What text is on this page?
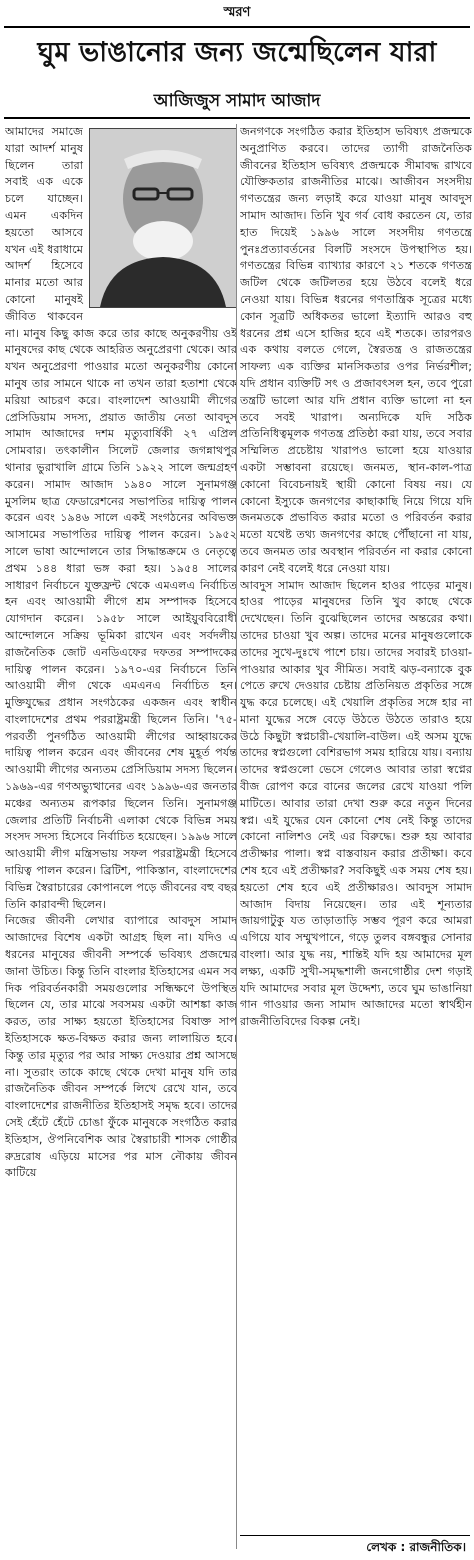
স্মরণ
ঘুম ভাঙানোর জন্য জন্মেছিলেন যারা
আজিজুস সামাদ আজাদ

আমাদের সমাজে যারা আদর্শ মানুষ ছিলেন তারা সবাই এক একে চলে যাচ্ছেন। এমন একদিন হয়তো আসবে যখন এই ধরাধামে আদর্শ হিসেবে মানার মতো আর কোনো মানুষই জীবিত থাকবেন না। মানুষ কিছু কাজ করে তার কাছে অনুকরণীয় ওই মানুষদের কাছ থেকে আহরিত অনুপ্রেরণা থেকে। আর যখন অনুপ্রেরণা পাওয়ার মতো অনুকরণীয় কোনো মানুষ তার সামনে থাকে না তখন তারা হতাশা থেকে মরিয়া আচরণ করে। বাংলাদেশ আওয়ামী লীগের প্রেসিডিয়াম সদস্য, প্রয়াত জাতীয় নেতা আবদুস সামাদ আজাদের দশম মৃত্যুবার্ষিকী ২৭ এপ্রিল সোমবার। তৎকালীন সিলেট জেলার জগন্নাথপুর থানার ভুরাখালি গ্রামে তিনি ১৯২২ সালে জন্মগ্রহণ করেন। সামাদ আজাদ ১৯৪০ সালে সুনামগঞ্জ মুসলিম ছাত্র ফেডারেশনের সভাপতির দায়িত্ব পালন করেন এবং ১৯৪৬ সালে একই সংগঠনের অবিভক্ত আসামের সভাপতির দায়িত্ব পালন করেন। ১৯৫২ সালে ভাষা আন্দোলনে তার সিদ্ধান্তক্রমে ও নেতৃত্বে প্রথম ১৪৪ ধারা ভঙ্গ করা হয়। ১৯৫৪ সালের সাধারণ নির্বাচনে যুক্তফ্রন্ট থেকে এমএলএ নির্বাচিত হন এবং আওয়ামী লীগে শ্রম সম্পাদক হিসেবে যোগদান করেন। ১৯৫৮ সালে আইয়ুববিরোধী আন্দোলনে সক্রিয় ভূমিকা রাখেন এবং সর্বদলীয় রাজনৈতিক জোট এনডিএফের দফতর সম্পাদকের দায়িত্ব পালন করেন। ১৯৭০-এর নির্বাচনে তিনি আওয়ামী লীগ থেকে এমএনএ নির্বাচিত হন। মুক্তিযুদ্ধের প্রধান সংগঠকের একজন এবং স্বাধীন বাংলাদেশের প্রথম পররাষ্ট্রমন্ত্রী ছিলেন তিনি। '৭৫-পরবর্তী পুনর্গঠিত আওয়ামী লীগের আহ্বায়কের দায়িত্ব পালন করেন এবং জীবনের শেষ মুহূর্ত পর্যন্ত আওয়ামী লীগের অন্যতম প্রেসিডিয়াম সদস্য ছিলেন। ১৯৬৯-এর গণঅভ্যুত্থানের এবং ১৯৯৬-এর জনতার মঞ্চের অন্যতম রূপকার ছিলেন তিনি। সুনামগঞ্জ জেলার প্রতিটি নির্বাচনী এলাকা থেকে বিভিন্ন সময় সংসদ সদস্য হিসেবে নির্বাচিত হয়েছেন। ১৯৯৬ সালে আওয়ামী লীগ মন্ত্রিসভায় সফল পররাষ্ট্রমন্ত্রী হিসেবে দায়িত্ব পালন করেন। ব্রিটিশ, পাকিস্তান, বাংলাদেশের বিভিন্ন স্বৈরাচারের কোপানলে পড়ে জীবনের বহু বছর তিনি কারাবন্দী ছিলেন।

নিজের জীবনী লেখার ব্যাপারে আবদুস সামাদ আজাদের বিশেষ একটা আগ্রহ ছিল না। যদিও এ ধরনের মানুষের জীবনী সম্পর্কে ভবিষ্যৎ প্রজন্মের জানা উচিত। কিন্তু তিনি বাংলার ইতিহাসের এমন সব দিক পরিবর্তনকারী সময়গুলোর সন্ধিক্ষণে উপস্থিত ছিলেন যে, তার মাঝে সবসময় একটা আশঙ্কা কাজ করত, তার সাক্ষ্য হয়তো ইতিহাসের বিষাক্ত সাপ ইতিহাসকে ক্ষত-বিক্ষত করার জন্য লালায়িত হবে। কিন্তু তার মৃত্যুর পর আর সাক্ষ্য দেওয়ার প্রশ্ন আসছে না। সুতরাং তাকে কাছে থেকে দেখা মানুষ যদি তার রাজনৈতিক জীবন সম্পর্কে লিখে রেখে যান, তবে বাংলাদেশের রাজনীতির ইতিহাসই সমৃদ্ধ হবে। তাদের সেই হেঁটে হেঁটে চোঙা ফুঁকে মানুষকে সংগঠিত করার ইতিহাস, ঔপনিবেশিক আর স্বৈরাচারী শাসক গোষ্ঠীর রুদ্ররোষ এড়িয়ে মাসের পর মাস নৌকায় জীবন কাটিয়ে

জনগণকে সংগঠিত করার ইতিহাস ভবিষ্যৎ প্রজন্মকে অনুপ্রাণিত করবে। তাদের ত্যাগী রাজনৈতিক জীবনের ইতিহাস ভবিষ্যৎ প্রজন্মকে সীমাবদ্ধ রাখবে যৌক্তিকতার রাজনীতির মাঝে। আজীবন সংসদীয় গণতন্ত্রের জন্য লড়াই করে যাওয়া মানুষ আবদুস সামাদ আজাদ। তিনি খুব গর্ব বোধ করতেন যে, তার হাত দিয়েই ১৯৯৬ সালে সংসদীয় গণতন্ত্রে পুনঃপ্রত্যাবর্তনের বিলটি সংসদে উপস্থাপিত হয়। গণতন্ত্রের বিভিন্ন ব্যাখ্যার কারণে ২১ শতকে গণতন্ত্র জটিল থেকে জটিলতর হয়ে উঠবে বলেই ধরে নেওয়া যায়। বিভিন্ন ধরনের গণতান্ত্রিক সূত্রের মধ্যে কোন সূত্রটি অধিকতর ভালো ইত্যাদি আরও বহু ধরনের প্রশ্ন এসে হাজির হবে এই শতকে। তারপরও এক কথায় বলতে গেলে, স্বৈরতন্ত্র ও রাজতন্ত্রের সাফল্য এক ব্যক্তির মানসিকতার ওপর নির্ভরশীল; যদি প্রধান ব্যক্তিটি সৎ ও প্রজাবৎসল হন, তবে পুরো তন্ত্রটি ভালো আর যদি প্রধান ব্যক্তি ভালো না হন তবে সবই খারাপ। অন্যদিকে যদি সঠিক প্রতিনিধিত্বমূলক গণতন্ত্র প্রতিষ্ঠা করা যায়, তবে সবার সম্মিলিত প্রচেষ্টায় খারাপও ভালো হয়ে যাওয়ার একটা সম্ভাবনা রয়েছে। জনমত, স্থান-কাল-পাত্র কোনো বিবেচনায়ই স্থায়ী কোনো বিষয় নয়। যে কোনো ইস্যুকে জনগণের কাছাকাছি নিয়ে গিয়ে যদি জনমতকে প্রভাবিত করার মতো ও পরিবর্তন করার মতো যথেষ্ট তথ্য জনগণের কাছে পৌঁছানো না যায়, তবে জনমত তার অবস্থান পরিবর্তন না করার কোনো কারণ নেই বলেই ধরে নেওয়া যায়।

আবদুস সামাদ আজাদ ছিলেন হাওর পাড়ের মানুষ। হাওর পাড়ের মানুষদের তিনি খুব কাছে থেকে দেখেছেন। তিনি বুঝেছিলেন তাদের অন্তরের কথা। তাদের চাওয়া খুব অল্প। তাদের মনের মানুষগুলোকে তাদের সুখে-দুঃখে পাশে চায়। তাদের সবারই চাওয়া-পাওয়ার আকার খুব সীমিত। সবাই ঝড়-বন্যাকে বুক পেতে রুখে দেওয়ার চেষ্টায় প্রতিনিয়ত প্রকৃতির সঙ্গে যুদ্ধ করে চলেছে। এই খেয়ালি প্রকৃতির সঙ্গে হার না মানা যুদ্ধের সঙ্গে বেড়ে উঠতে উঠতে তারাও হয়ে উঠে কিছুটা স্বপ্নচারী-খেয়ালি-বাউল। এই অসম যুদ্ধে তাদের স্বপ্নগুলো বেশিরভাগ সময় হারিয়ে যায়। বন্যায় তাদের স্বপ্নগুলো ভেসে গেলেও আবার তারা স্বপ্নের বীজ রোপণ করে বানের জলের রেখে যাওয়া পলি মাটিতে। আবার তারা দেখা শুরু করে নতুন দিনের স্বপ্ন। এই যুদ্ধের যেন কোনো শেষ নেই কিন্তু তাদের কোনো নালিশও নেই এর বিরুদ্ধে। শুরু হয় আবার প্রতীক্ষার পালা। স্বপ্ন বাস্তবায়ন করার প্রতীক্ষা। কবে শেষ হবে এই প্রতীক্ষার? সবকিছুই এক সময় শেষ হয়। হয়তো শেষ হবে এই প্রতীক্ষারও। আবদুস সামাদ আজাদ বিদায় নিয়েছেন। তার এই শূন্যতার জায়গাটুকু যত তাড়াতাড়ি সম্ভব পূরণ করে আমরা এগিয়ে যাব সম্মুখপানে, গড়ে তুলব বঙ্গবন্ধুর সোনার বাংলা। আর যুদ্ধ নয়, শান্তিই যদি হয় আমাদের মূল লক্ষ্য, একটি সুখী-সমৃদ্ধশালী জনগোষ্ঠীর দেশ গড়াই যদি আমাদের সবার মূল উদ্দেশ্য, তবে ঘুম ভাঙানিয়া গান গাওয়ার জন্য সামাদ আজাদের মতো স্বার্থহীন রাজনীতিবিদের বিকল্প নেই।

লেখক : রাজনীতিক।
